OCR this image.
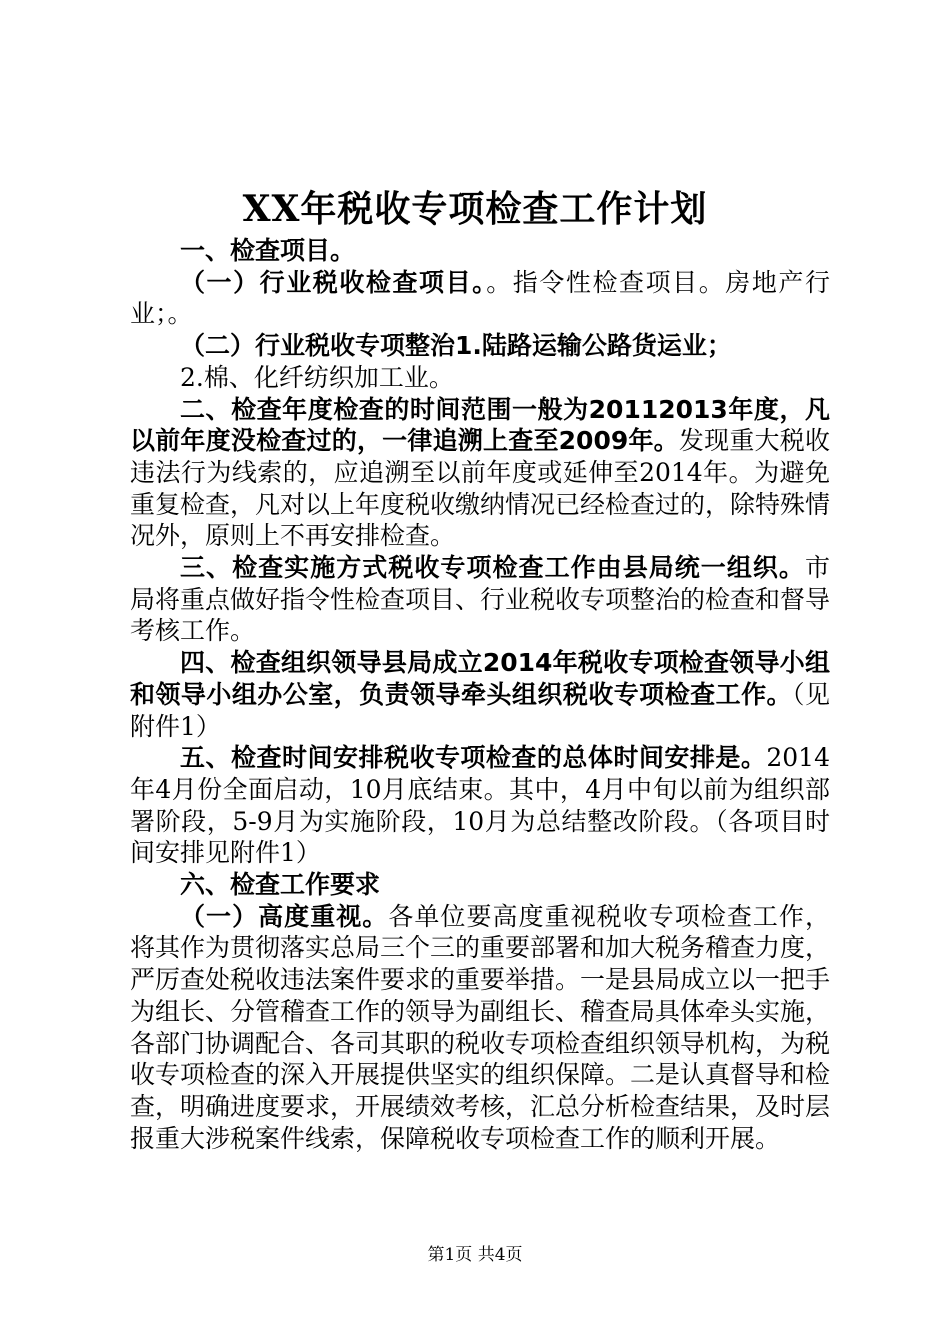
XX年税收专项检查工作计划

一、检查项目。

（一）行业税收检查项目。。指令性检查项目。房地产行业；。

（二）行业税收专项整治1.陆路运输公路货运业；

2.棉、化纤纺织加工业。

二、检查年度检查的时间范围一般为20112013年度，凡以前年度没检查过的，一律追溯上查至2009年。发现重大税收违法行为线索的，应追溯至以前年度或延伸至2014年。为避免重复检查，凡对以上年度税收缴纳情况已经检查过的，除特殊情况外，原则上不再安排检查。

三、检查实施方式税收专项检查工作由县局统一组织。市局将重点做好指令性检查项目、行业税收专项整治的检查和督导考核工作。

四、检查组织领导县局成立2014年税收专项检查领导小组和领导小组办公室，负责领导牵头组织税收专项检查工作。（见附件1）

五、检查时间安排税收专项检查的总体时间安排是。2014年4月份全面启动，10月底结束。其中，4月中旬以前为组织部署阶段，5-9月为实施阶段，10月为总结整改阶段。（各项目时间安排见附件1）

六、检查工作要求

（一）高度重视。各单位要高度重视税收专项检查工作，将其作为贯彻落实总局三个三的重要部署和加大税务稽查力度，严厉查处税收违法案件要求的重要举措。一是县局成立以一把手为组长、分管稽查工作的领导为副组长、稽查局具体牵头实施，各部门协调配合、各司其职的税收专项检查组织领导机构，为税收专项检查的深入开展提供坚实的组织保障。二是认真督导和检查，明确进度要求，开展绩效考核，汇总分析检查结果，及时层报重大涉税案件线索，保障税收专项检查工作的顺利开展。

第1页 共4页
